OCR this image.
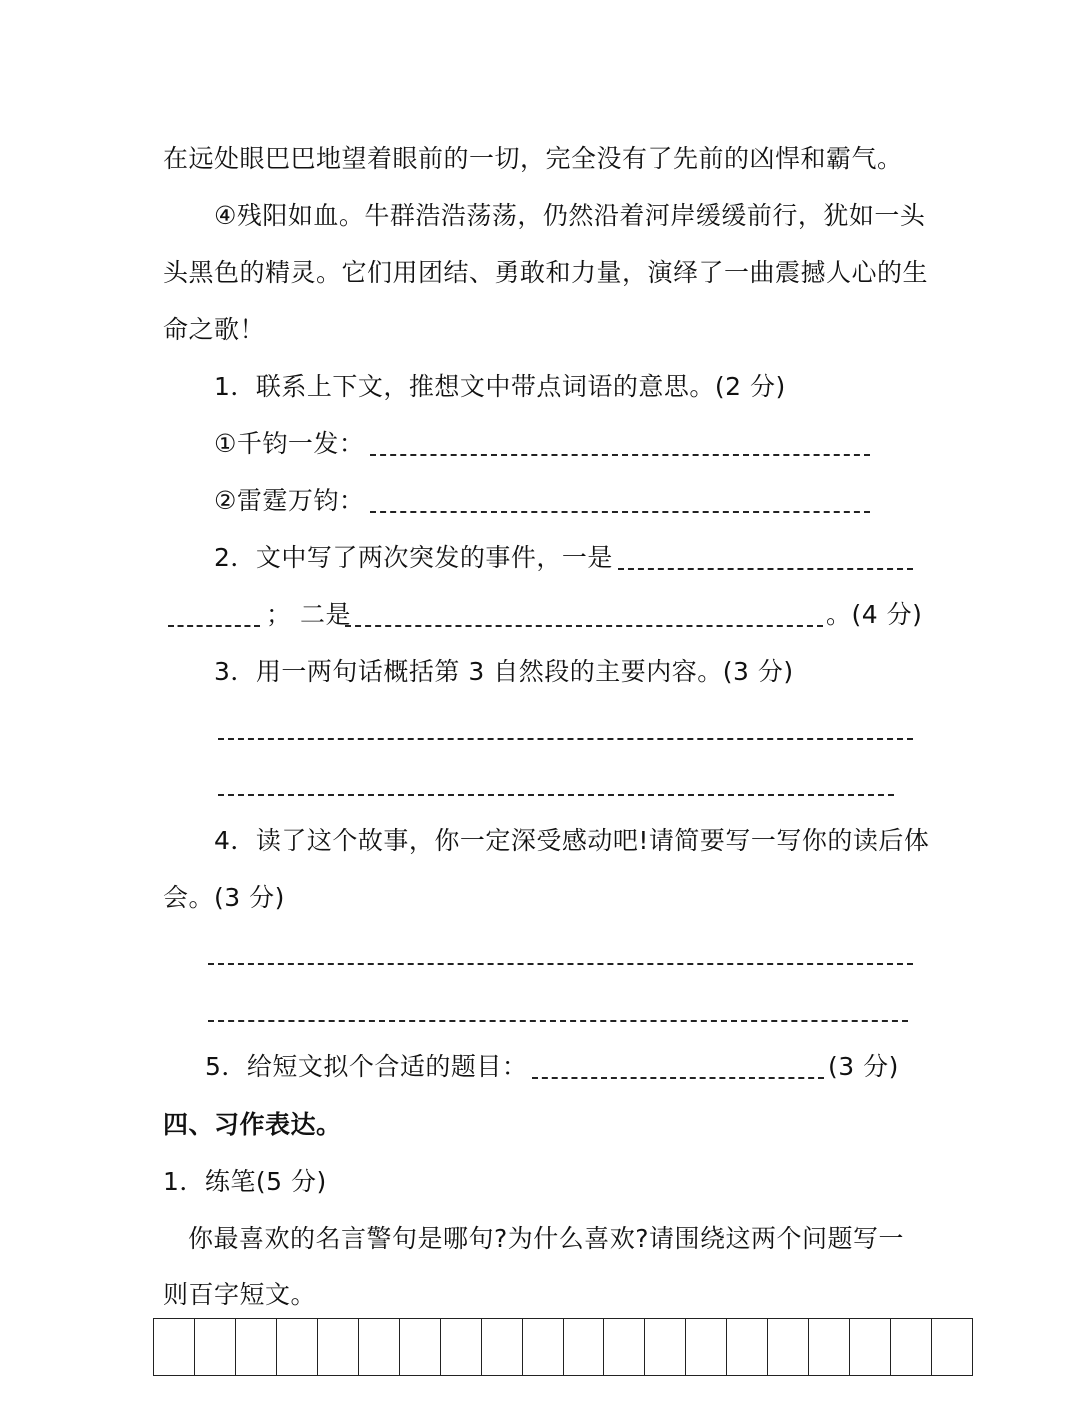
在远处眼巴巴地望着眼前的一切，完全没有了先前的凶悍和霸气。
④残阳如血。牛群浩浩荡荡，仍然沿着河岸缓缓前行，犹如一头
头黑色的精灵。它们用团结、勇敢和力量，演绎了一曲震撼人心的生
命之歌！
1．联系上下文，推想文中带点词语的意思。(2 分)
①千钧一发：
②雷霆万钧：
2．文中写了两次突发的事件，一是
； 二是	。(4 分)
3．用一两句话概括第 3 自然段的主要内容。(3 分)
4．读了这个故事，你一定深受感动吧!请简要写一写你的读后体
会。(3 分)
5．给短文拟个合适的题目：	(3 分)
四、习作表达。
1．练笔(5 分)
你最喜欢的名言警句是哪句?为什么喜欢?请围绕这两个问题写一
则百字短文。
